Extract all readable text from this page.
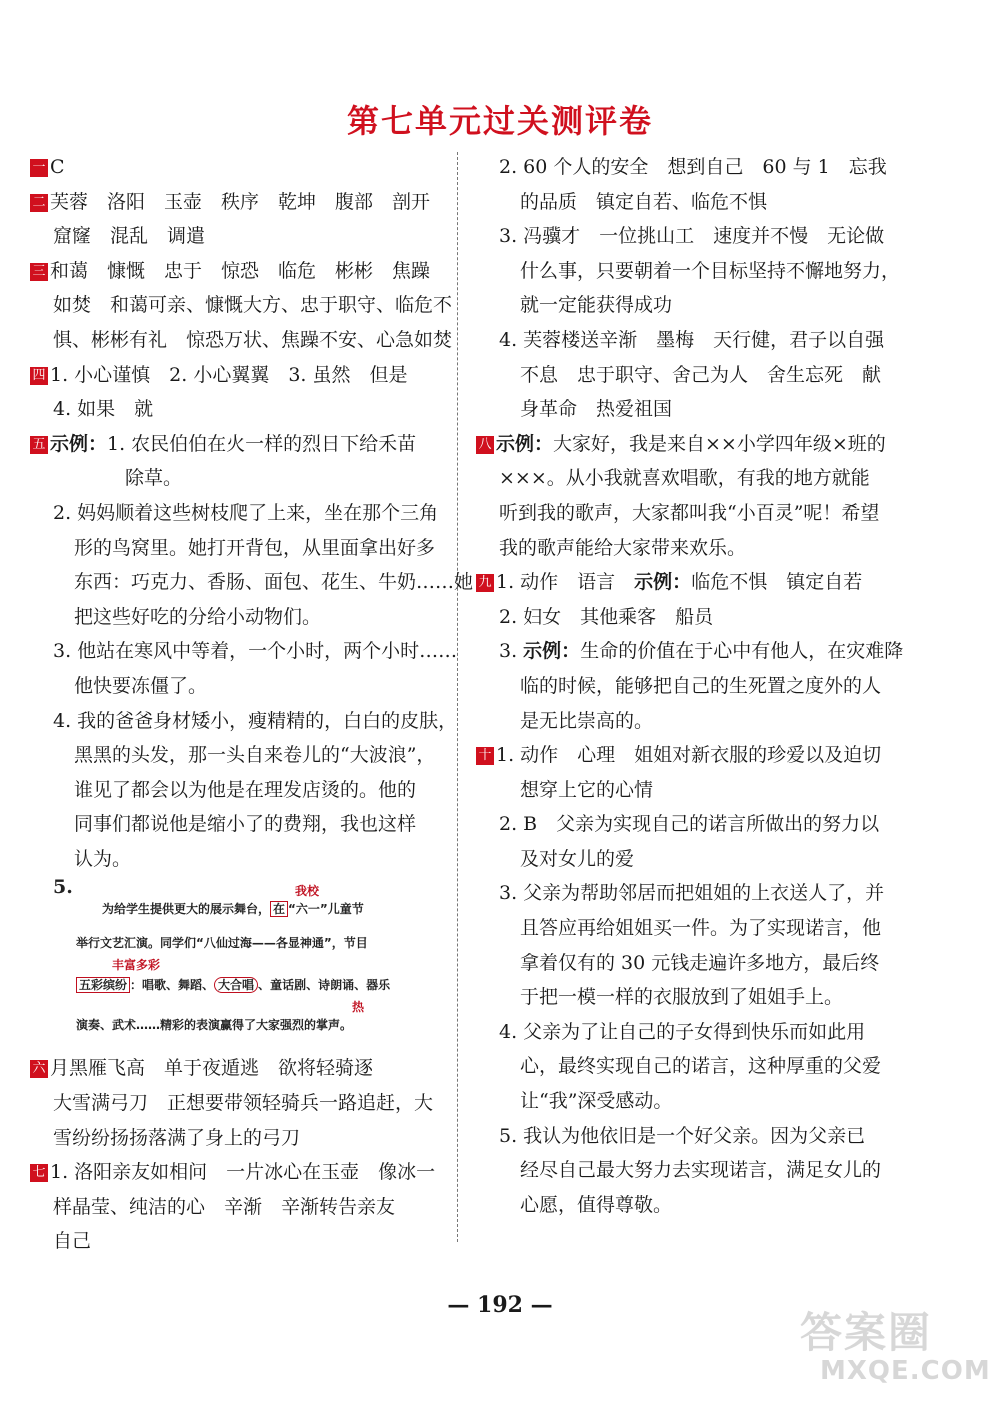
第七单元过关测评卷
一 C
二 芙蓉　洛阳　玉壶　秩序　乾坤　腹部　剖开
窟窿　混乱　调遣
三 和蔼　慷慨　忠于　惊恐　临危　彬彬　焦躁
如焚　和蔼可亲、慷慨大方、忠于职守、临危不
惧、彬彬有礼　惊恐万状、焦躁不安、心急如焚
四 1. 小心谨慎　2. 小心翼翼　3. 虽然　但是
4. 如果　就
五 示例：1. 农民伯伯在火一样的烈日下给禾苗
除草。
2. 妈妈顺着这些树枝爬了上来，坐在那个三角
形的鸟窝里。她打开背包，从里面拿出好多
东西：巧克力、香肠、面包、花生、牛奶……她
把这些好吃的分给小动物们。
3. 他站在寒风中等着，一个小时，两个小时……
他快要冻僵了。
4. 我的爸爸身材矮小，瘦精精的，白白的皮肤，
黑黑的头发，那一头自来卷儿的“大波浪”，
谁见了都会以为他是在理发店烫的。他的
同事们都说他是缩小了的费翔，我也这样
认为。
5.	我校
为给学生提供更大的展示舞台， 在 “六一”儿童节
举行文艺汇演。同学们“八仙过海——各显神通”，节目
丰富多彩
五彩缤纷 ：唱歌、舞蹈、 大合唱 、童话剧、诗朗诵、器乐
热
演奏、武术……精彩的表演赢得了大家强烈的掌声。
六 月黑雁飞高　单于夜遁逃　欲将轻骑逐
大雪满弓刀　正想要带领轻骑兵一路追赶，大
雪纷纷扬扬落满了身上的弓刀
七 1. 洛阳亲友如相问　一片冰心在玉壶　像冰一
样晶莹、纯洁的心　辛渐　辛渐转告亲友
自己
2. 60 个人的安全　想到自己　60 与 1　忘我
的品质　镇定自若、临危不惧
3. 冯骥才　一位挑山工　速度并不慢　无论做
什么事，只要朝着一个目标坚持不懈地努力，
就一定能获得成功
4. 芙蓉楼送辛渐　墨梅　天行健，君子以自强
不息　忠于职守、舍己为人　舍生忘死　献
身革命　热爱祖国
八 示例：大家好，我是来自××小学四年级×班的
×××。从小我就喜欢唱歌，有我的地方就能
听到我的歌声，大家都叫我“小百灵”呢！希望
我的歌声能给大家带来欢乐。
九 1. 动作　语言　示例：临危不惧　镇定自若
2. 妇女　其他乘客　船员
3. 示例：生命的价值在于心中有他人，在灾难降
临的时候，能够把自己的生死置之度外的人
是无比崇高的。
十 1. 动作　心理　姐姐对新衣服的珍爱以及迫切
想穿上它的心情
2. B　父亲为实现自己的诺言所做出的努力以
及对女儿的爱
3. 父亲为帮助邻居而把姐姐的上衣送人了，并
且答应再给姐姐买一件。为了实现诺言，他
拿着仅有的 30 元钱走遍许多地方，最后终
于把一模一样的衣服放到了姐姐手上。
4. 父亲为了让自己的子女得到快乐而如此用
心，最终实现自己的诺言，这种厚重的父爱
让“我”深受感动。
5. 我认为他依旧是一个好父亲。因为父亲已
经尽自己最大努力去实现诺言，满足女儿的
心愿，值得尊敬。
— 192 —
答案圈
MXQE.COM
